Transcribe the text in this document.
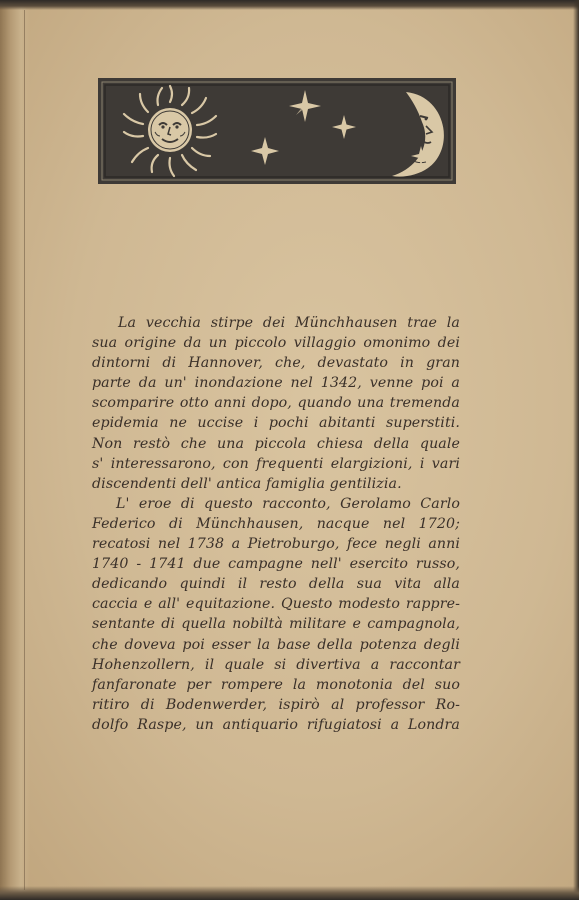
La vecchia stirpe dei Münchhausen trae la
sua origine da un piccolo villaggio omonimo dei
dintorni di Hannover, che, devastato in gran
parte da un' inondazione nel 1342, venne poi a
scomparire otto anni dopo, quando una tremenda
epidemia ne uccise i pochi abitanti superstiti.
Non restò che una piccola chiesa della quale
s' interessarono, con frequenti elargizioni, i vari
discendenti dell' antica famiglia gentilizia.
L' eroe di questo racconto, Gerolamo Carlo
Federico di Münchhausen, nacque nel 1720;
recatosi nel 1738 a Pietroburgo, fece negli anni
1740 - 1741 due campagne nell' esercito russo,
dedicando quindi il resto della sua vita alla
caccia e all' equitazione. Questo modesto rappre-
sentante di quella nobiltà militare e campagnola,
che doveva poi esser la base della potenza degli
Hohenzollern, il quale si divertiva a raccontar
fanfaronate per rompere la monotonia del suo
ritiro di Bodenwerder, ispirò al professor Ro-
dolfo Raspe, un antiquario rifugiatosi a Londra
